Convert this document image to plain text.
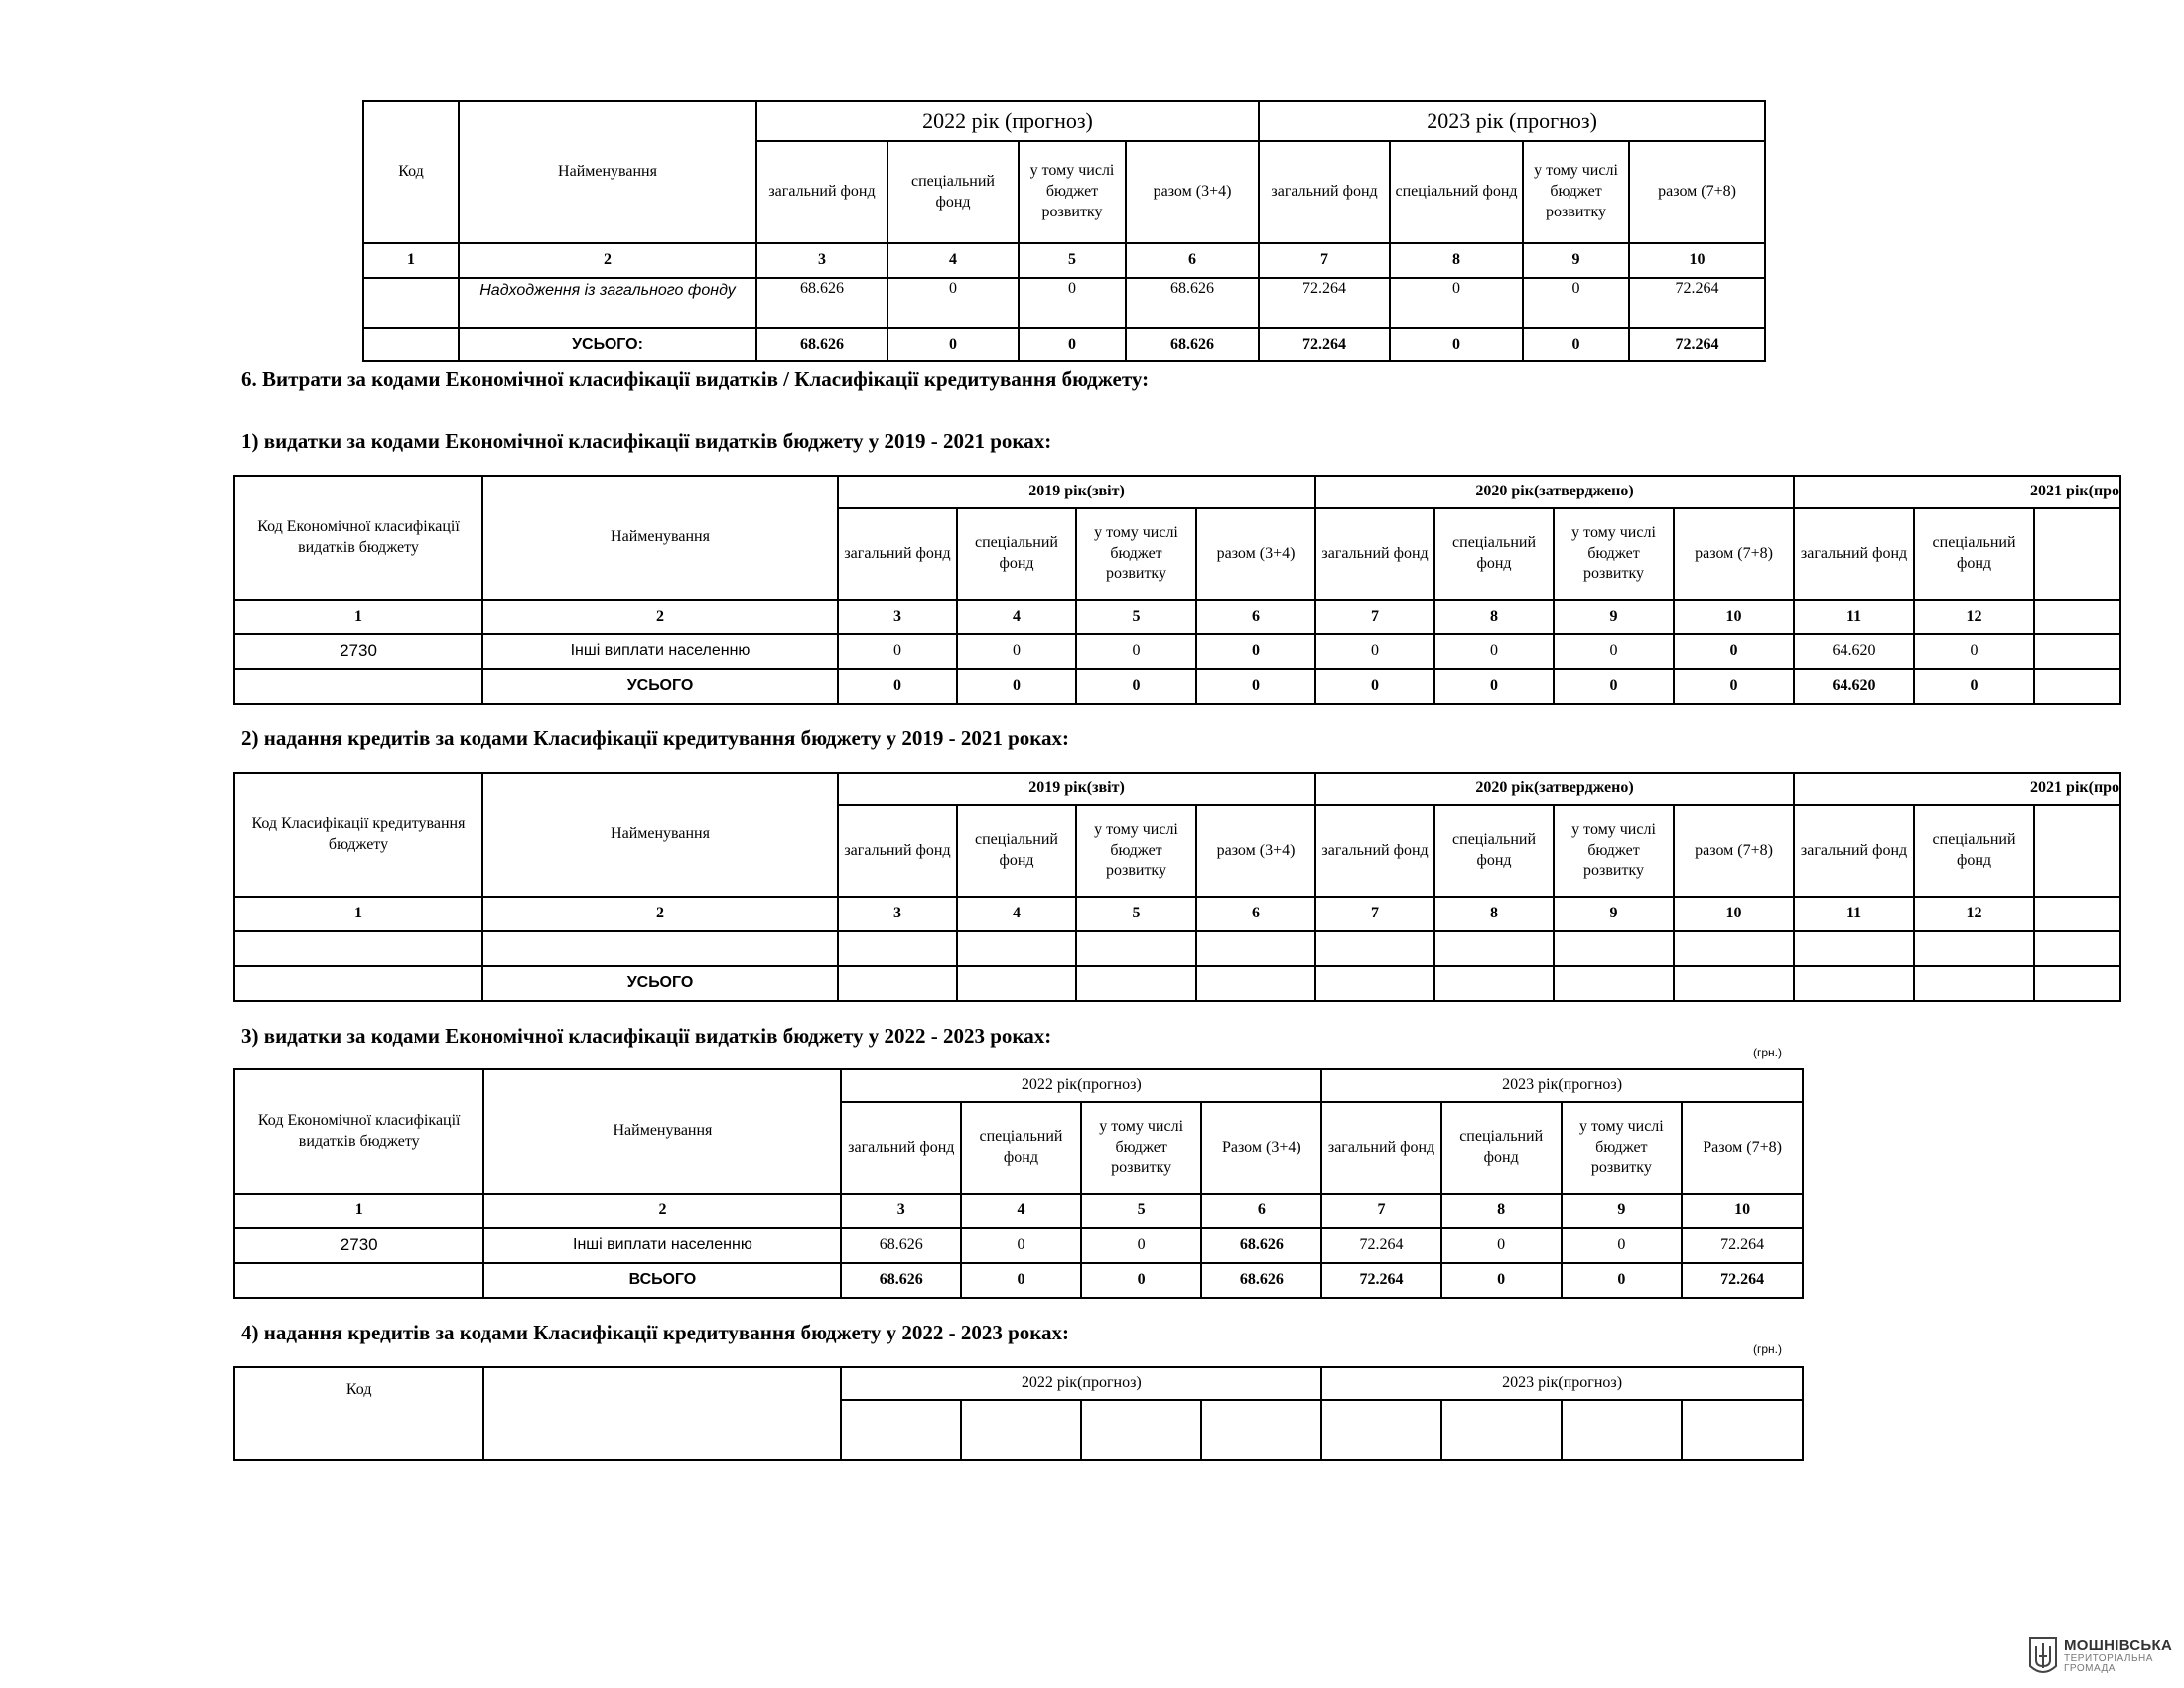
Код	Найменування	2022 рік (прогноз)				2023 рік (прогноз)			
		загальний фонд	спеціальний фонд	у тому числі бюджет розвитку	разом (3+4)	загальний фонд	спеціальний фонд	у тому числі бюджет розвитку	разом (7+8)
1	2	3	4	5	6	7	8	9	10

	Надходження із загального фонду	68.626	0	0	68.626	72.264	0	0	72.264
	УСЬОГО:	68.626	0	0	68.626	72.264	0	0	72.264
6. Витрати за кодами Економічної класифікації видатків / Класифікації кредитування бюджету:
1) видатки за кодами Економічної класифікації видатків бюджету у 2019 - 2021 роках:
Код Економічної класифікації видатків бюджету	Найменування	2019 рік(звіт)				2020 рік(затверджено)				2021 рік(про		
		загальний фонд	спеціальний фонд	у тому числі бюджет розвитку	разом (3+4)	загальний фонд	спеціальний фонд	у тому числі бюджет розвитку	разом (7+8)	загальний фонд	спеціальний фонд	
1	2	3	4	5	6	7	8	9	10	11	12	
2730	Інші виплати населенню	0	0	0	0	0	0	0	0	64.620	0	
	УСЬОГО	0	0	0	0	0	0	0	0	64.620	0	
2) надання кредитів за кодами Класифікації кредитування бюджету у 2019 - 2021 роках:
Код Класифікації кредитування бюджету	Найменування	2019 рік(звіт)				2020 рік(затверджено)				2021 рік(про		
		загальний фонд	спеціальний фонд	у тому числі бюджет розвитку	разом (3+4)	загальний фонд	спеціальний фонд	у тому числі бюджет розвитку	разом (7+8)	загальний фонд	спеціальний фонд	
1	2	3	4	5	6	7	8	9	10	11	12	

	УСЬОГО											
3) видатки за кодами Економічної класифікації видатків бюджету у 2022 - 2023 роках:
(грн.)
Код Економічної класифікації видатків бюджету	Найменування	2022 рік(прогноз)				2023 рік(прогноз)			
		загальний фонд	спеціальний фонд	у тому числі бюджет розвитку	Разом (3+4)	загальний фонд	спеціальний фонд	у тому числі бюджет розвитку	Разом (7+8)
1	2	3	4	5	6	7	8	9	10
2730	Інші виплати населенню	68.626	0	0	68.626	72.264	0	0	72.264
	ВСЬОГО	68.626	0	0	68.626	72.264	0	0	72.264
4) надання кредитів за кодами Класифікації кредитування бюджету у 2022 - 2023 роках:
(грн.)
Код		2022 рік(прогноз)				2023 рік(прогноз)			

МОШНІВСЬКА
ТЕРИТОРІАЛЬНА
ГРОМАДА
